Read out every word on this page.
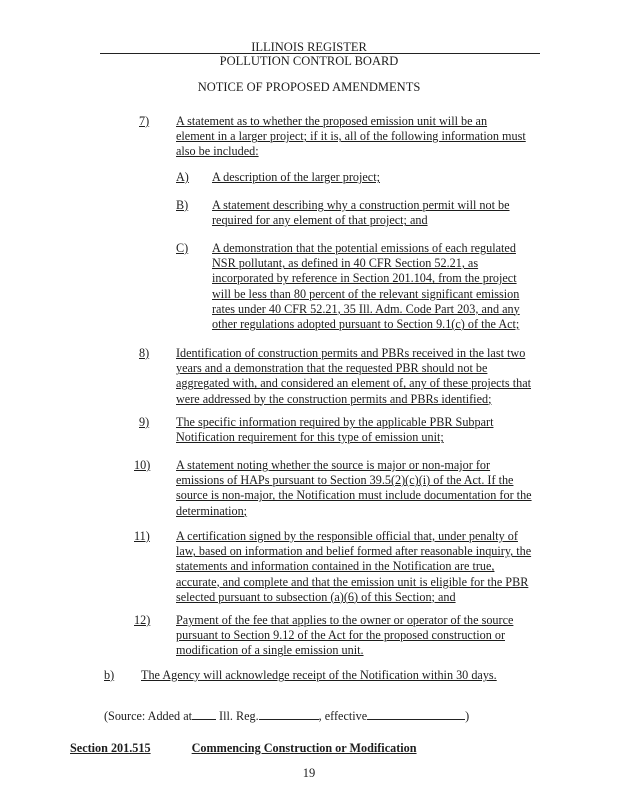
ILLINOIS REGISTER
POLLUTION CONTROL BOARD
NOTICE OF PROPOSED AMENDMENTS
7) A statement as to whether the proposed emission unit will be an element in a larger project; if it is, all of the following information must also be included:
A) A description of the larger project;
B) A statement describing why a construction permit will not be required for any element of that project; and
C) A demonstration that the potential emissions of each regulated NSR pollutant, as defined in 40 CFR Section 52.21, as incorporated by reference in Section 201.104, from the project will be less than 80 percent of the relevant significant emission rates under 40 CFR 52.21, 35 Ill. Adm. Code Part 203, and any other regulations adopted pursuant to Section 9.1(c) of the Act;
8) Identification of construction permits and PBRs received in the last two years and a demonstration that the requested PBR should not be aggregated with, and considered an element of, any of these projects that were addressed by the construction permits and PBRs identified;
9) The specific information required by the applicable PBR Subpart Notification requirement for this type of emission unit;
10) A statement noting whether the source is major or non-major for emissions of HAPs pursuant to Section 39.5(2)(c)(i) of the Act. If the source is non-major, the Notification must include documentation for the determination;
11) A certification signed by the responsible official that, under penalty of law, based on information and belief formed after reasonable inquiry, the statements and information contained in the Notification are true, accurate, and complete and that the emission unit is eligible for the PBR selected pursuant to subsection (a)(6) of this Section; and
12) Payment of the fee that applies to the owner or operator of the source pursuant to Section 9.12 of the Act for the proposed construction or modification of a single emission unit.
b) The Agency will acknowledge receipt of the Notification within 30 days.
(Source: Added at Ill. Reg.	, effective	)
Section 201.515	Commencing Construction or Modification
19
